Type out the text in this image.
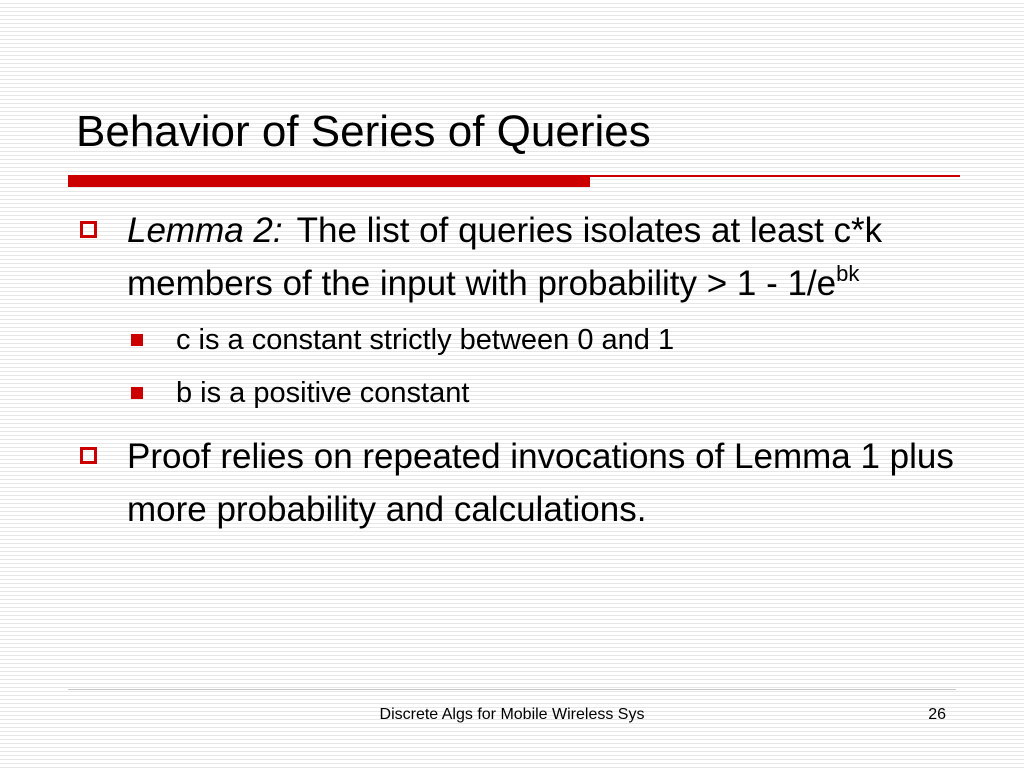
Behavior of Series of Queries
Lemma 2: The list of queries isolates at least c*k members of the input with probability > $1 - 1/e^{bk}$
c is a constant strictly between 0 and 1
b is a positive constant
Proof relies on repeated invocations of Lemma 1 plus more probability and calculations.
Discrete Algs for Mobile Wireless Sys	26
